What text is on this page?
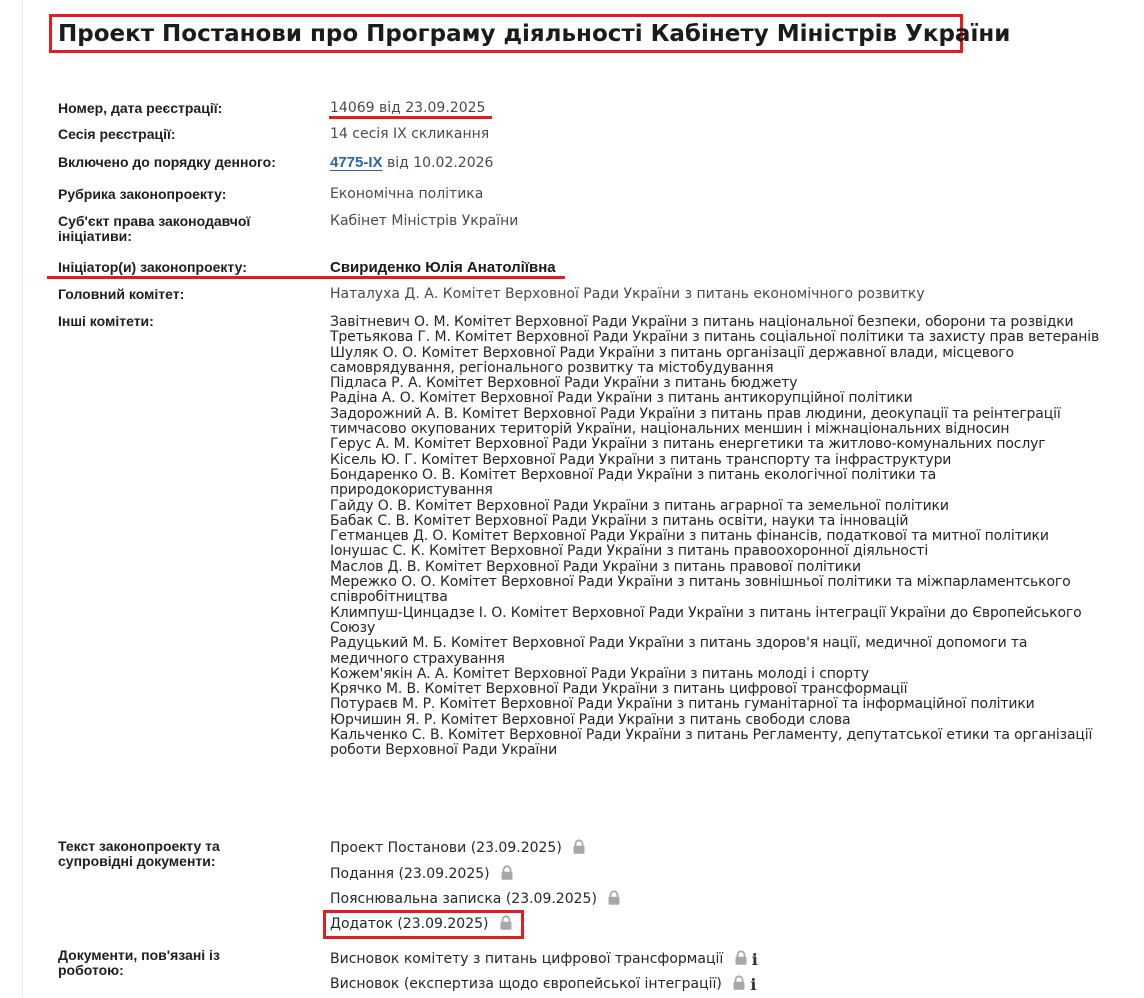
Проект Постанови про Програму діяльності Кабінету Міністрів України
Номер, дата реєстрації:	14069 від 23.09.2025
Сесія реєстрації:	14 сесія IX скликання
Включено до порядку денного:	4775-IX від 10.02.2026
Рубрика законопроекту:	Економічна політика
Суб'єкт права законодавчої ініціативи:
Кабінет Міністрів України
Ініціатор(и) законопроекту:	Свириденко Юлія Анатоліївна
Головний комітет:	Наталуха Д. А. Комітет Верховної Ради України з питань економічного розвитку
Інші комітети:	Завітневич О. М. Комітет Верховної Ради України з питань національної безпеки, оборони та розвідки
Третьякова Г. М. Комітет Верховної Ради України з питань соціальної політики та захисту прав ветеранів
Шуляк О. О. Комітет Верховної Ради України з питань організації державної влади, місцевого
самоврядування, регіонального розвитку та містобудування
Підласа Р. А. Комітет Верховної Ради України з питань бюджету
Радіна А. О. Комітет Верховної Ради України з питань антикорупційної політики
Задорожний А. В. Комітет Верховної Ради України з питань прав людини, деокупації та реінтеграції
тимчасово окупованих територій України, національних меншин і міжнаціональних відносин
Герус А. М. Комітет Верховної Ради України з питань енергетики та житлово-комунальних послуг
Кісель Ю. Г. Комітет Верховної Ради України з питань транспорту та інфраструктури
Бондаренко О. В. Комітет Верховної Ради України з питань екологічної політики та
природокористування
Гайду О. В. Комітет Верховної Ради України з питань аграрної та земельної політики
Бабак С. В. Комітет Верховної Ради України з питань освіти, науки та інновацій
Гетманцев Д. О. Комітет Верховної Ради України з питань фінансів, податкової та митної політики
Іонушас С. К. Комітет Верховної Ради України з питань правоохоронної діяльності
Маслов Д. В. Комітет Верховної Ради України з питань правової політики
Мережко О. О. Комітет Верховної Ради України з питань зовнішньої політики та міжпарламентського
співробітництва
Климпуш-Цинцадзе І. О. Комітет Верховної Ради України з питань інтеграції України до Європейського
Союзу
Радуцький М. Б. Комітет Верховної Ради України з питань здоров'я нації, медичної допомоги та
медичного страхування
Кожем'якін А. А. Комітет Верховної Ради України з питань молоді і спорту
Крячко М. В. Комітет Верховної Ради України з питань цифрової трансформації
Потураєв М. Р. Комітет Верховної Ради України з питань гуманітарної та інформаційної політики
Юрчишин Я. Р. Комітет Верховної Ради України з питань свободи слова
Кальченко С. В. Комітет Верховної Ради України з питань Регламенту, депутатської етики та організації
роботи Верховної Ради України
Текст законопроекту та супровідні документи:
Проект Постанови (23.09.2025)
Подання (23.09.2025)
Пояснювальна записка (23.09.2025)
Додаток (23.09.2025)
Документи, пов'язані із роботою:
Висновок комітету з питань цифрової трансформації i
Висновок (експертиза щодо європейської інтеграції) i
